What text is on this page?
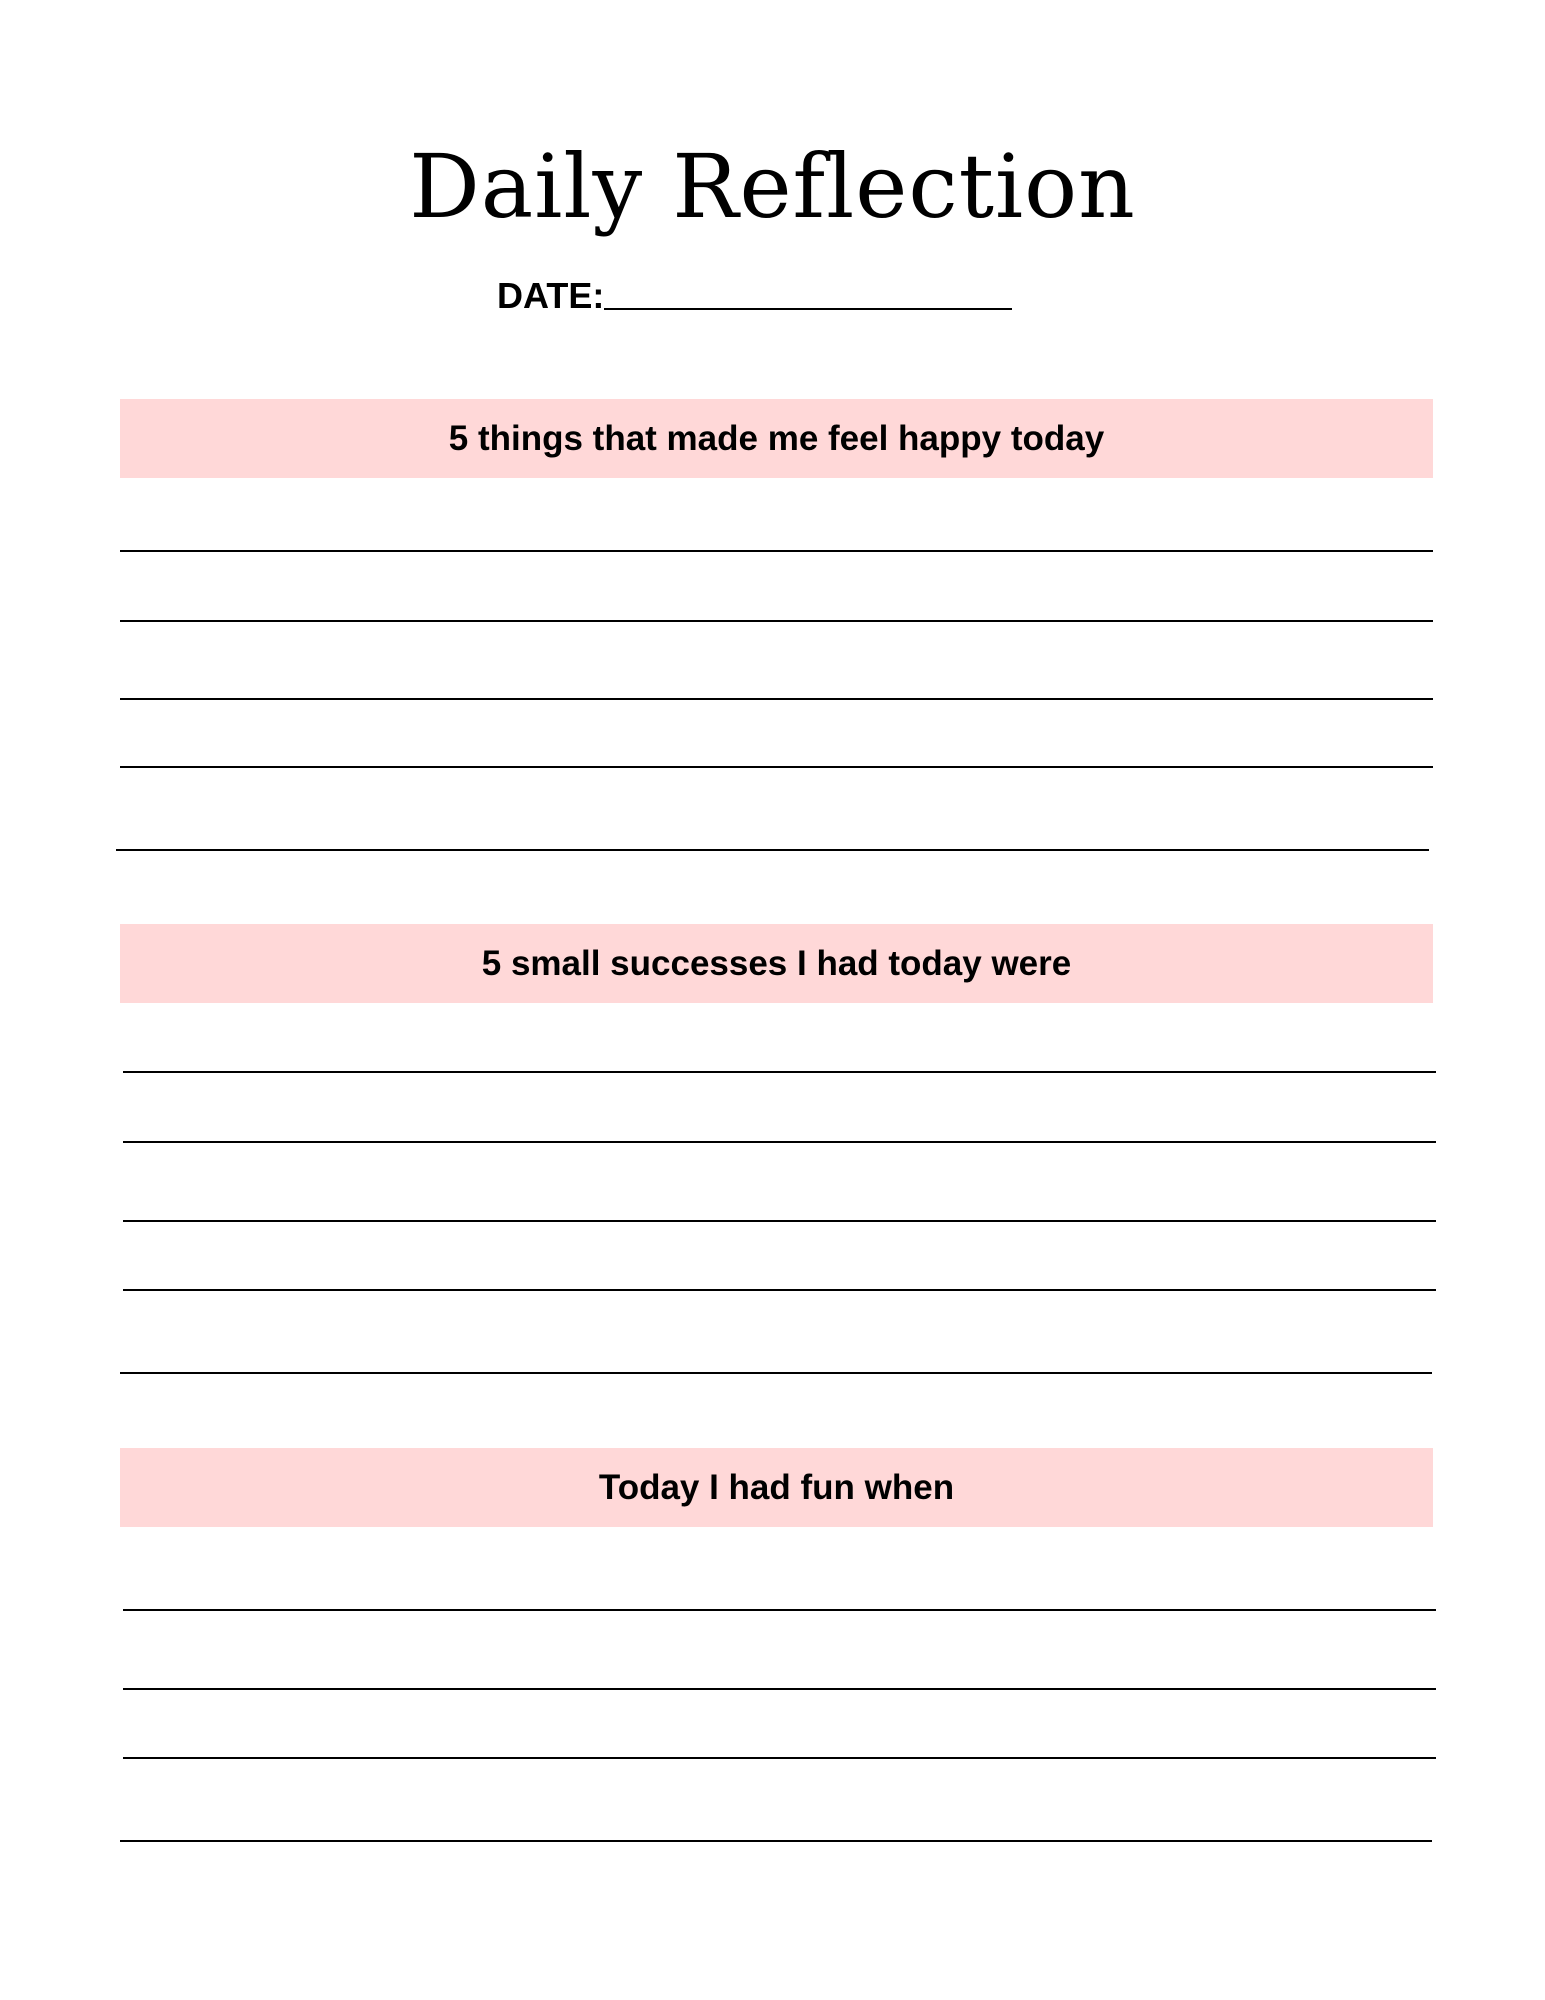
Daily Reflection
DATE:
5 things that made me feel happy today
5 small successes I had today were
Today I had fun when
